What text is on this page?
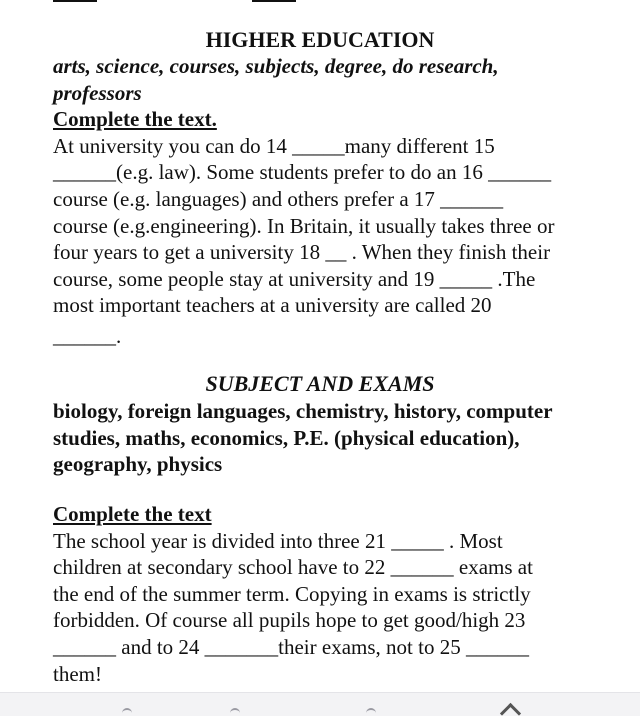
HIGHER EDUCATION
arts, science, courses, subjects, degree, do research,
professors
Complete the text.
At university you can do 14 _____many different 15
______(e.g. law). Some students prefer to do an 16 ______
course (e.g. languages) and others prefer a 17 ______
course (e.g.engineering). In Britain, it usually takes three or
four years to get a university 18 __ . When they finish their
course, some people stay at university and 19 _____ .The
most important teachers at a university are called 20
______.
SUBJECT AND EXAMS
biology, foreign languages, chemistry, history, computer
studies, maths, economics, P.E. (physical education),
geography, physics
Complete the text
The school year is divided into three 21 _____ . Most
children at secondary school have to 22 ______ exams at
the end of the summer term. Copying in exams is strictly
forbidden. Of course all pupils hope to get good/high 23
______ and to 24 _______their exams, not to 25 ______
them!
